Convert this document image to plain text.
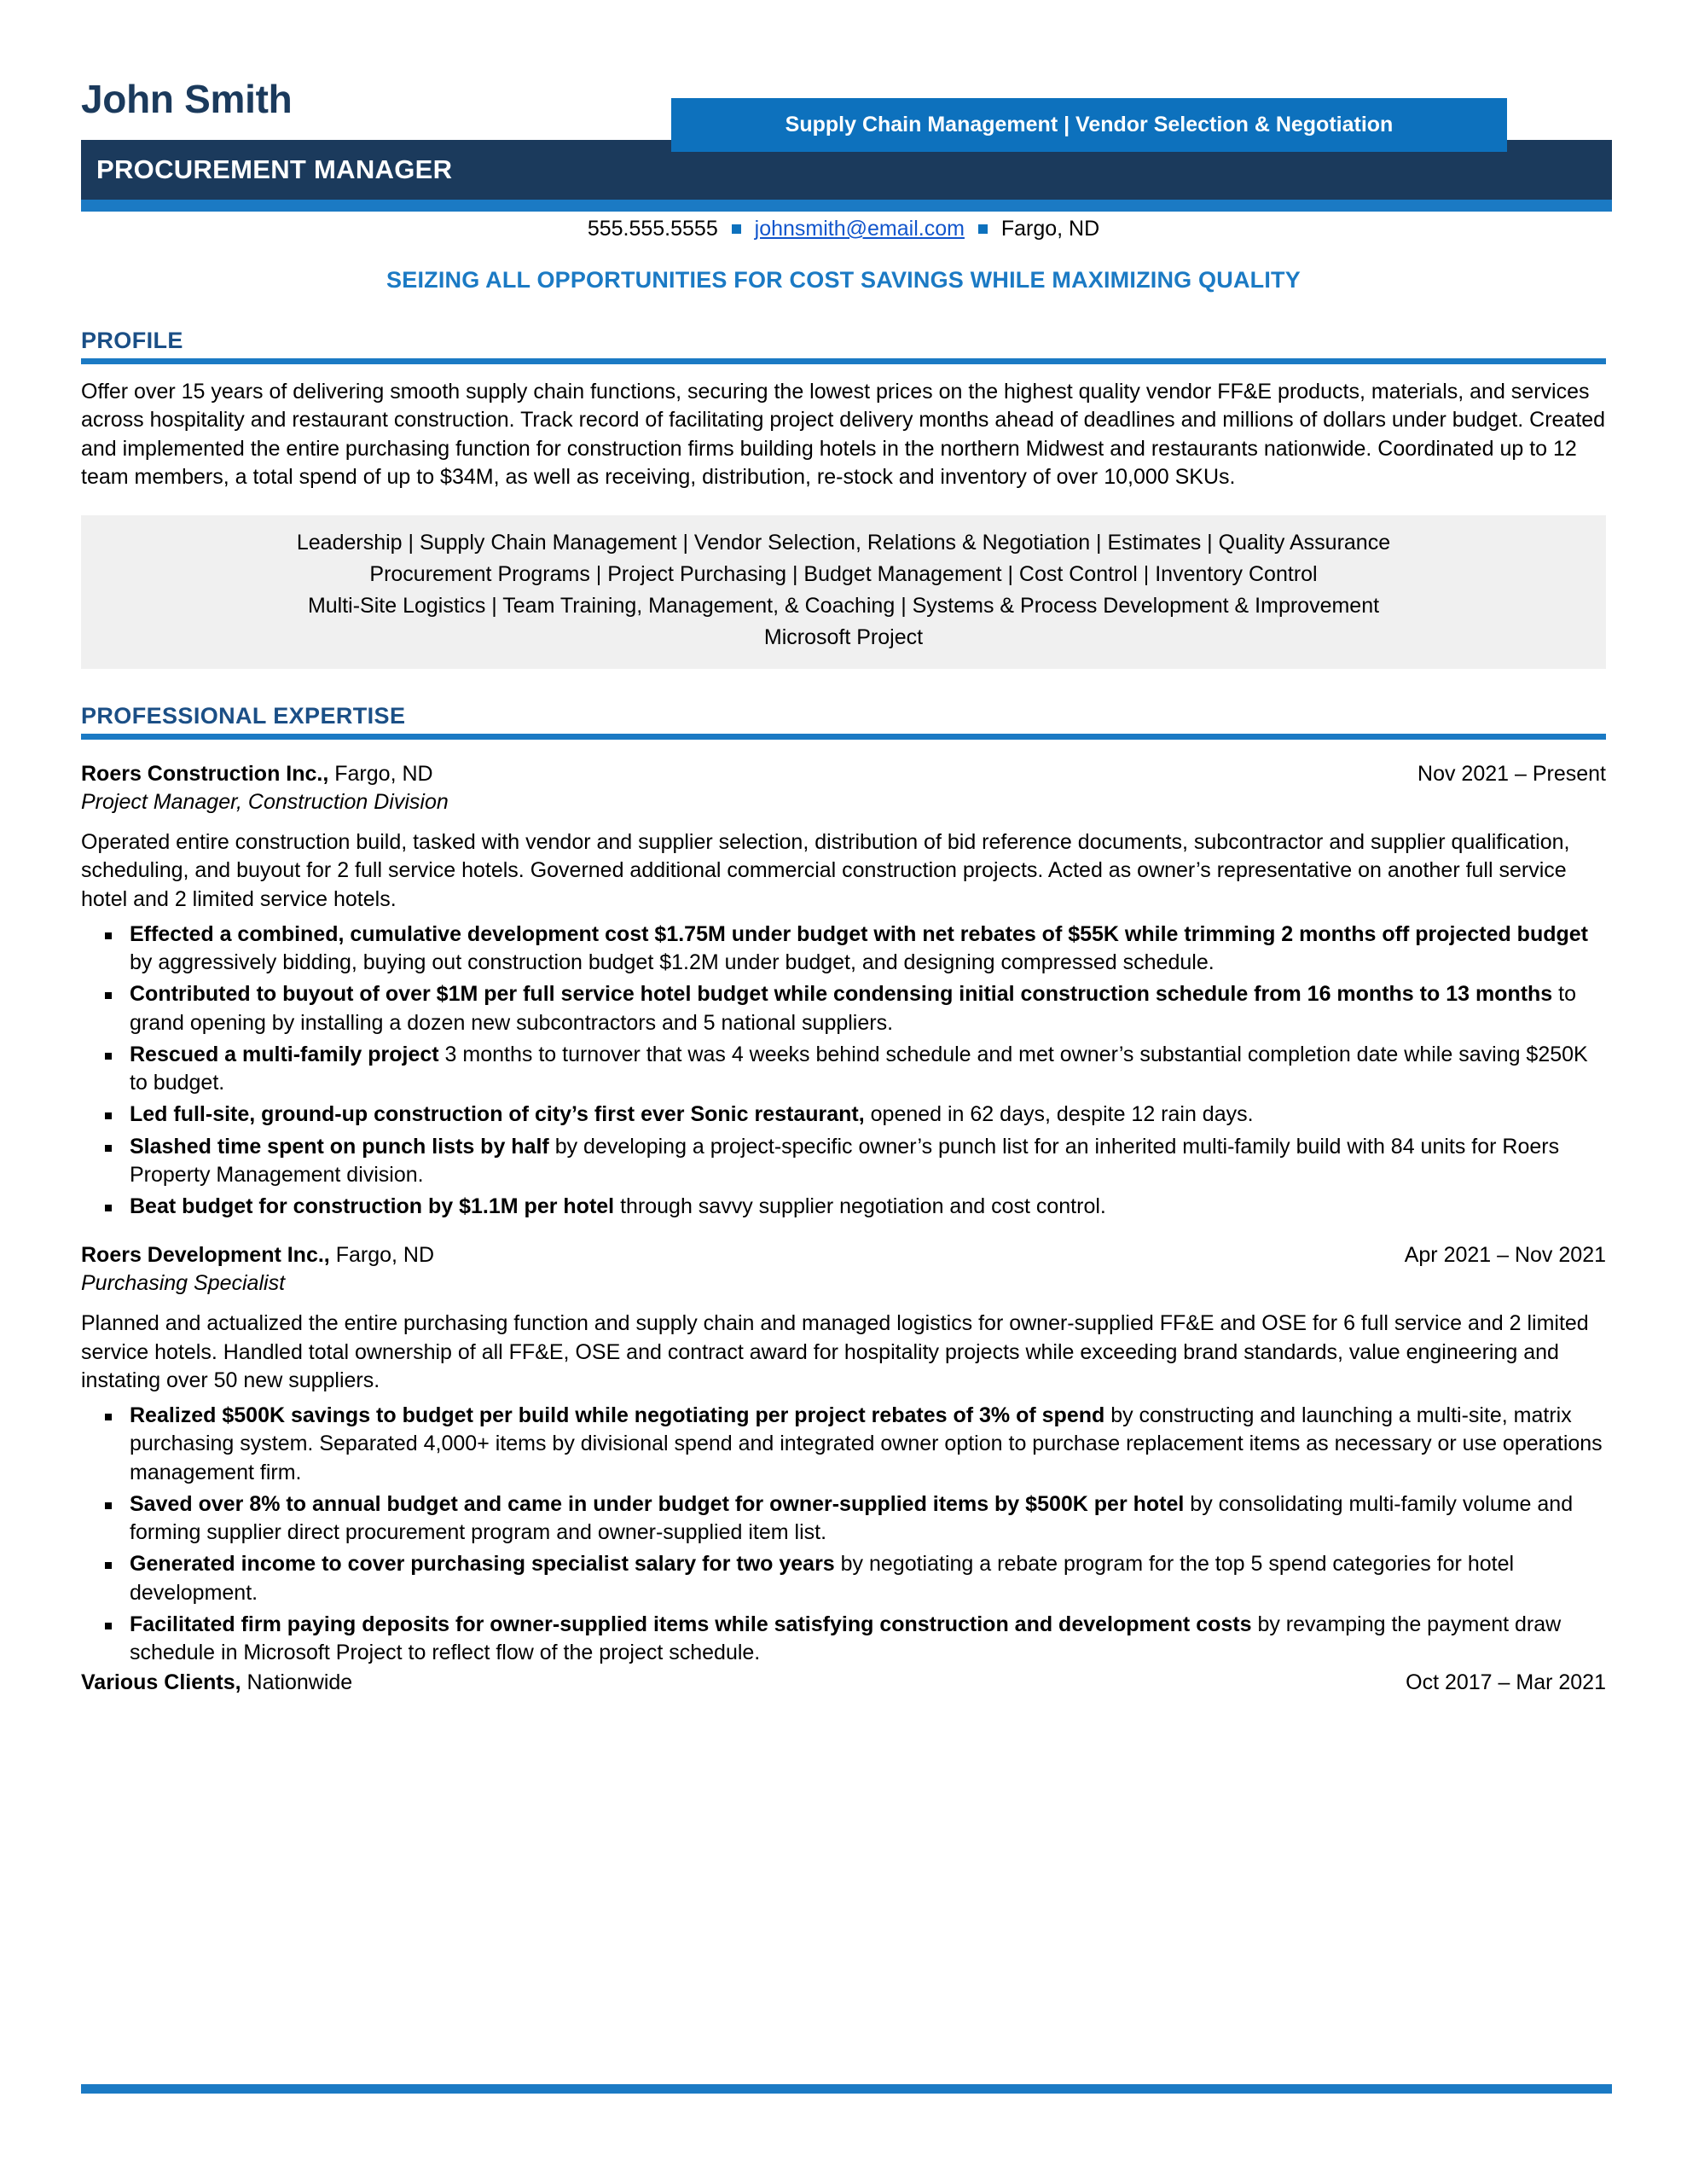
John Smith
Supply Chain Management | Vendor Selection & Negotiation
PROCUREMENT MANAGER
555.555.5555 johnsmith@email.com Fargo, ND
SEIZING ALL OPPORTUNITIES FOR COST SAVINGS WHILE MAXIMIZING QUALITY
PROFILE

Offer over 15 years of delivering smooth supply chain functions, securing the lowest prices on the highest quality vendor FF&E products, materials, and services across hospitality and restaurant construction. Track record of facilitating project delivery months ahead of deadlines and millions of dollars under budget. Created and implemented the entire purchasing function for construction firms building hotels in the northern Midwest and restaurants nationwide. Coordinated up to 12 team members, a total spend of up to $34M, as well as receiving, distribution, re-stock and inventory of over 10,000 SKUs.

Leadership | Supply Chain Management | Vendor Selection, Relations & Negotiation | Estimates | Quality Assurance
Procurement Programs | Project Purchasing | Budget Management | Cost Control | Inventory Control
Multi-Site Logistics | Team Training, Management, & Coaching | Systems & Process Development & Improvement
Microsoft Project
PROFESSIONAL EXPERTISE
Roers Construction Inc., Fargo, ND	Nov 2021 – Present
Project Manager, Construction Division
Operated entire construction build, tasked with vendor and supplier selection, distribution of bid reference documents, subcontractor and supplier qualification, scheduling, and buyout for 2 full service hotels. Governed additional commercial construction projects. Acted as owner’s representative on another full service hotel and 2 limited service hotels.
Effected a combined, cumulative development cost $1.75M under budget with net rebates of $55K while trimming 2 months off projected budget by aggressively bidding, buying out construction budget $1.2M under budget, and designing compressed schedule.
Contributed to buyout of over $1M per full service hotel budget while condensing initial construction schedule from 16 months to 13 months to grand opening by installing a dozen new subcontractors and 5 national suppliers.
Rescued a multi-family project 3 months to turnover that was 4 weeks behind schedule and met owner’s substantial completion date while saving $250K to budget.
Led full-site, ground-up construction of city’s first ever Sonic restaurant, opened in 62 days, despite 12 rain days.
Slashed time spent on punch lists by half by developing a project-specific owner’s punch list for an inherited multi-family build with 84 units for Roers Property Management division.
Beat budget for construction by $1.1M per hotel through savvy supplier negotiation and cost control.
Roers Development Inc., Fargo, ND	Apr 2021 – Nov 2021
Purchasing Specialist
Planned and actualized the entire purchasing function and supply chain and managed logistics for owner-supplied FF&E and OSE for 6 full service and 2 limited service hotels. Handled total ownership of all FF&E, OSE and contract award for hospitality projects while exceeding brand standards, value engineering and instating over 50 new suppliers.
Realized $500K savings to budget per build while negotiating per project rebates of 3% of spend by constructing and launching a multi-site, matrix purchasing system. Separated 4,000+ items by divisional spend and integrated owner option to purchase replacement items as necessary or use operations management firm.
Saved over 8% to annual budget and came in under budget for owner-supplied items by $500K per hotel by consolidating multi-family volume and forming supplier direct procurement program and owner-supplied item list.
Generated income to cover purchasing specialist salary for two years by negotiating a rebate program for the top 5 spend categories for hotel development.
Facilitated firm paying deposits for owner-supplied items while satisfying construction and development costs by revamping the payment draw schedule in Microsoft Project to reflect flow of the project schedule.
Various Clients, Nationwide	Oct 2017 – Mar 2021
